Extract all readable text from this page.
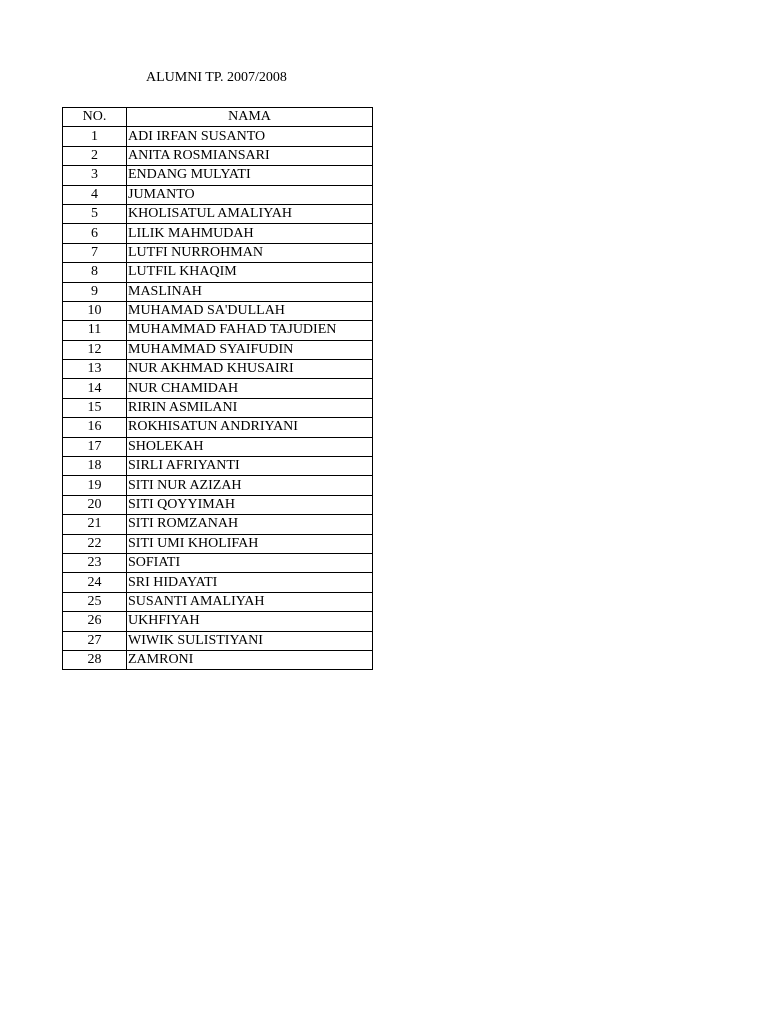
ALUMNI TP. 2007/2008
NO.	NAMA
1	ADI IRFAN SUSANTO
2	ANITA ROSMIANSARI
3	ENDANG MULYATI
4	JUMANTO
5	KHOLISATUL AMALIYAH
6	LILIK MAHMUDAH
7	LUTFI NURROHMAN
8	LUTFIL KHAQIM
9	MASLINAH
10	MUHAMAD SA'DULLAH
11	MUHAMMAD FAHAD TAJUDIEN
12	MUHAMMAD SYAIFUDIN
13	NUR AKHMAD KHUSAIRI
14	NUR CHAMIDAH
15	RIRIN ASMILANI
16	ROKHISATUN ANDRIYANI
17	SHOLEKAH
18	SIRLI AFRIYANTI
19	SITI NUR AZIZAH
20	SITI QOYYIMAH
21	SITI ROMZANAH
22	SITI UMI KHOLIFAH
23	SOFIATI
24	SRI HIDAYATI
25	SUSANTI AMALIYAH
26	UKHFIYAH
27	WIWIK SULISTIYANI
28	ZAMRONI
